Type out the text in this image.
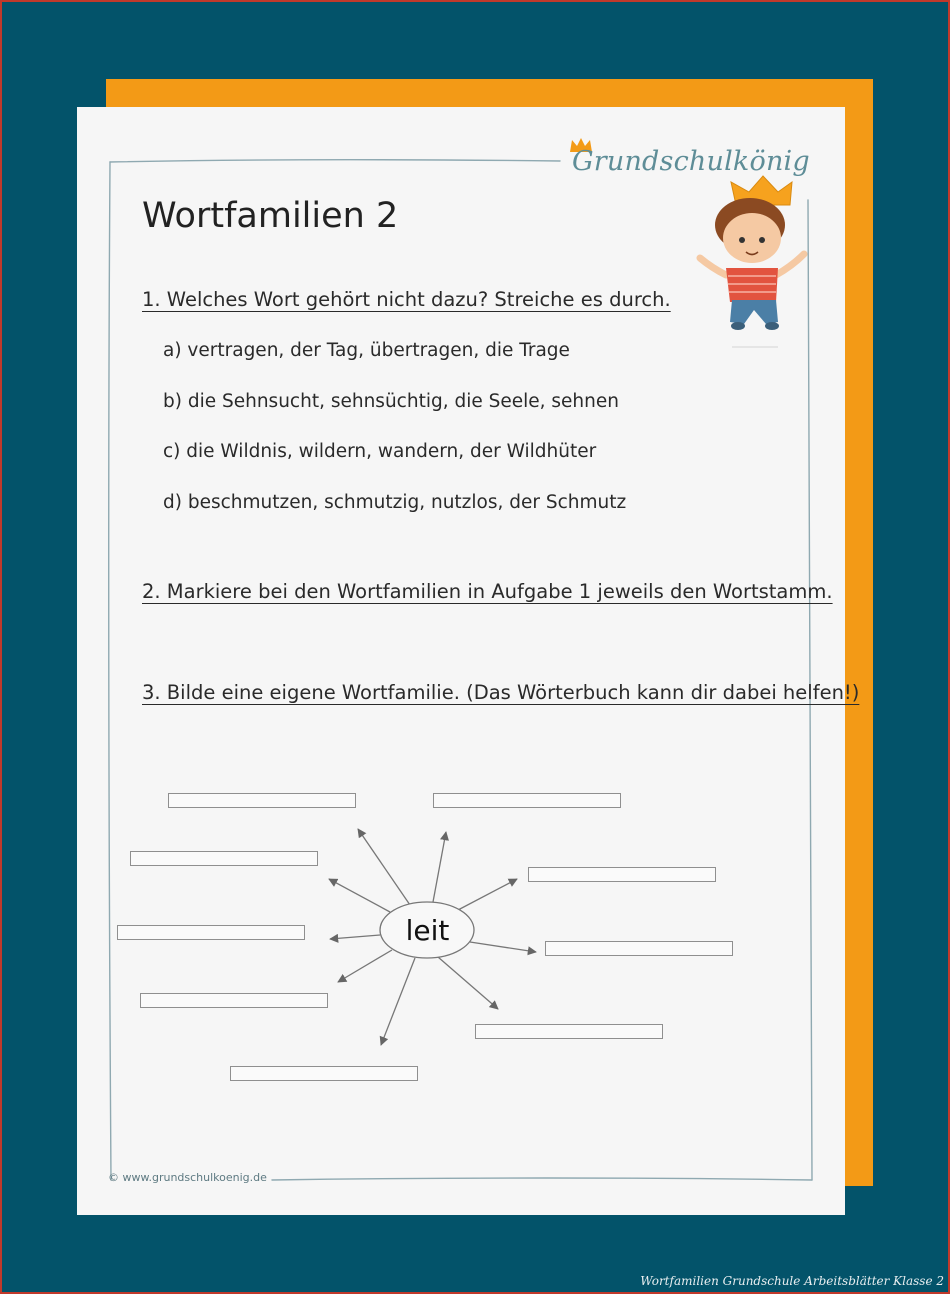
Grundschulkönig
Wortfamilien 2
1. Welches Wort gehört nicht dazu? Streiche es durch.
a) vertragen, der Tag, übertragen, die Trage
b) die Sehnsucht, sehnsüchtig, die Seele, sehnen
c) die Wildnis, wildern, wandern, der Wildhüter
d) beschmutzen, schmutzig, nutzlos, der Schmutz
2. Markiere bei den Wortfamilien in Aufgabe 1 jeweils den Wortstamm.
3. Bilde eine eigene Wortfamilie. (Das Wörterbuch kann dir dabei helfen!)
leit
© www.grundschulkoenig.de
Wortfamilien Grundschule Arbeitsblätter Klasse 2
